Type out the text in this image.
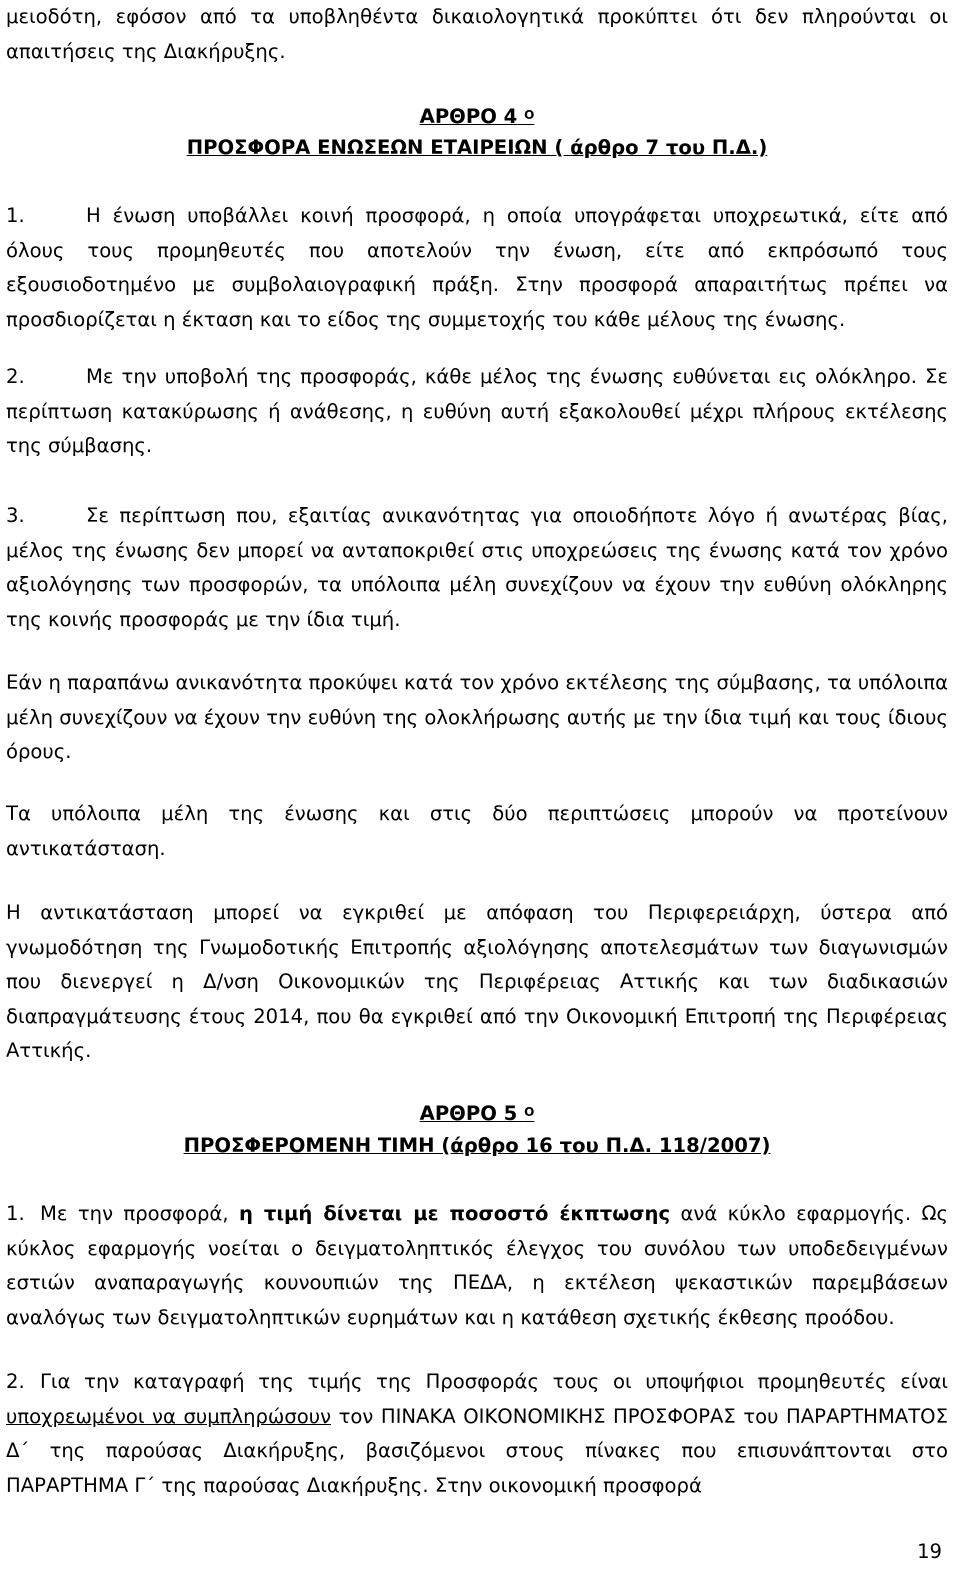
μειοδότη, εφόσον από τα υποβληθέντα δικαιολογητικά προκύπτει ότι δεν πληρούνται οι απαιτήσεις της Διακήρυξης.

ΑΡΘΡΟ 4 $^O$
ΠΡΟΣΦΟΡΑ ΕΝΩΣΕΩΝ ΕΤΑΙΡΕΙΩΝ ( άρθρο 7 του Π.Δ.)

1.	Η ένωση υποβάλλει κοινή προσφορά, η οποία υπογράφεται υποχρεωτικά, είτε από όλους τους προμηθευτές που αποτελούν την ένωση, είτε από εκπρόσωπό τους εξουσιοδοτημένο με συμβολαιογραφική πράξη. Στην προσφορά απαραιτήτως πρέπει να προσδιορίζεται η έκταση και το είδος της συμμετοχής του κάθε μέλους της ένωσης.

2.	Με την υποβολή της προσφοράς, κάθε μέλος της ένωσης ευθύνεται εις ολόκληρο. Σε περίπτωση κατακύρωσης ή ανάθεσης, η ευθύνη αυτή εξακολουθεί μέχρι πλήρους εκτέλεσης της σύμβασης.

3.	Σε περίπτωση που, εξαιτίας ανικανότητας για οποιοδήποτε λόγο ή ανωτέρας βίας, μέλος της ένωσης δεν μπορεί να ανταποκριθεί στις υποχρεώσεις της ένωσης κατά τον χρόνο αξιολόγησης των προσφορών, τα υπόλοιπα μέλη συνεχίζουν να έχουν την ευθύνη ολόκληρης της κοινής προσφοράς με την ίδια τιμή.

Εάν η παραπάνω ανικανότητα προκύψει κατά τον χρόνο εκτέλεσης της σύμβασης, τα υπόλοιπα μέλη συνεχίζουν να έχουν την ευθύνη της ολοκλήρωσης αυτής με την ίδια τιμή και τους ίδιους όρους.

Τα υπόλοιπα μέλη της ένωσης και στις δύο περιπτώσεις μπορούν να προτείνουν αντικατάσταση.

Η αντικατάσταση μπορεί να εγκριθεί με απόφαση του Περιφερειάρχη, ύστερα από γνωμοδότηση της Γνωμοδοτικής Επιτροπής αξιολόγησης αποτελεσμάτων των διαγωνισμών που διενεργεί η Δ/νση Οικονομικών της Περιφέρειας Αττικής και των διαδικασιών διαπραγμάτευσης έτους 2014, που θα εγκριθεί από την Οικονομική Επιτροπή της Περιφέρειας Αττικής.

ΑΡΘΡΟ 5 $^O$
ΠΡΟΣΦΕΡΟΜΕΝΗ ΤΙΜΗ (άρθρο 16 του Π.Δ. 118/2007)

1. Με την προσφορά, η τιμή δίνεται με ποσοστό έκπτωσης ανά κύκλο εφαρμογής. Ως κύκλος εφαρμογής νοείται ο δειγματοληπτικός έλεγχος του συνόλου των υποδεδειγμένων εστιών αναπαραγωγής κουνουπιών της ΠΕΔΑ, η εκτέλεση ψεκαστικών παρεμβάσεων αναλόγως των δειγματοληπτικών ευρημάτων και η κατάθεση σχετικής έκθεσης προόδου.

2. Για την καταγραφή της τιμής της Προσφοράς τους οι υποψήφιοι προμηθευτές είναι υποχρεωμένοι να συμπληρώσουν τον ΠΙΝΑΚΑ ΟΙΚΟΝΟΜΙΚΗΣ ΠΡΟΣΦΟΡΑΣ του ΠΑΡΑΡΤΗΜΑΤΟΣ Δ΄ της παρούσας Διακήρυξης, βασιζόμενοι στους πίνακες που επισυνάπτονται στο ΠΑΡΑΡΤΗΜΑ Γ΄ της παρούσας Διακήρυξης. Στην οικονομική προσφορά

19
